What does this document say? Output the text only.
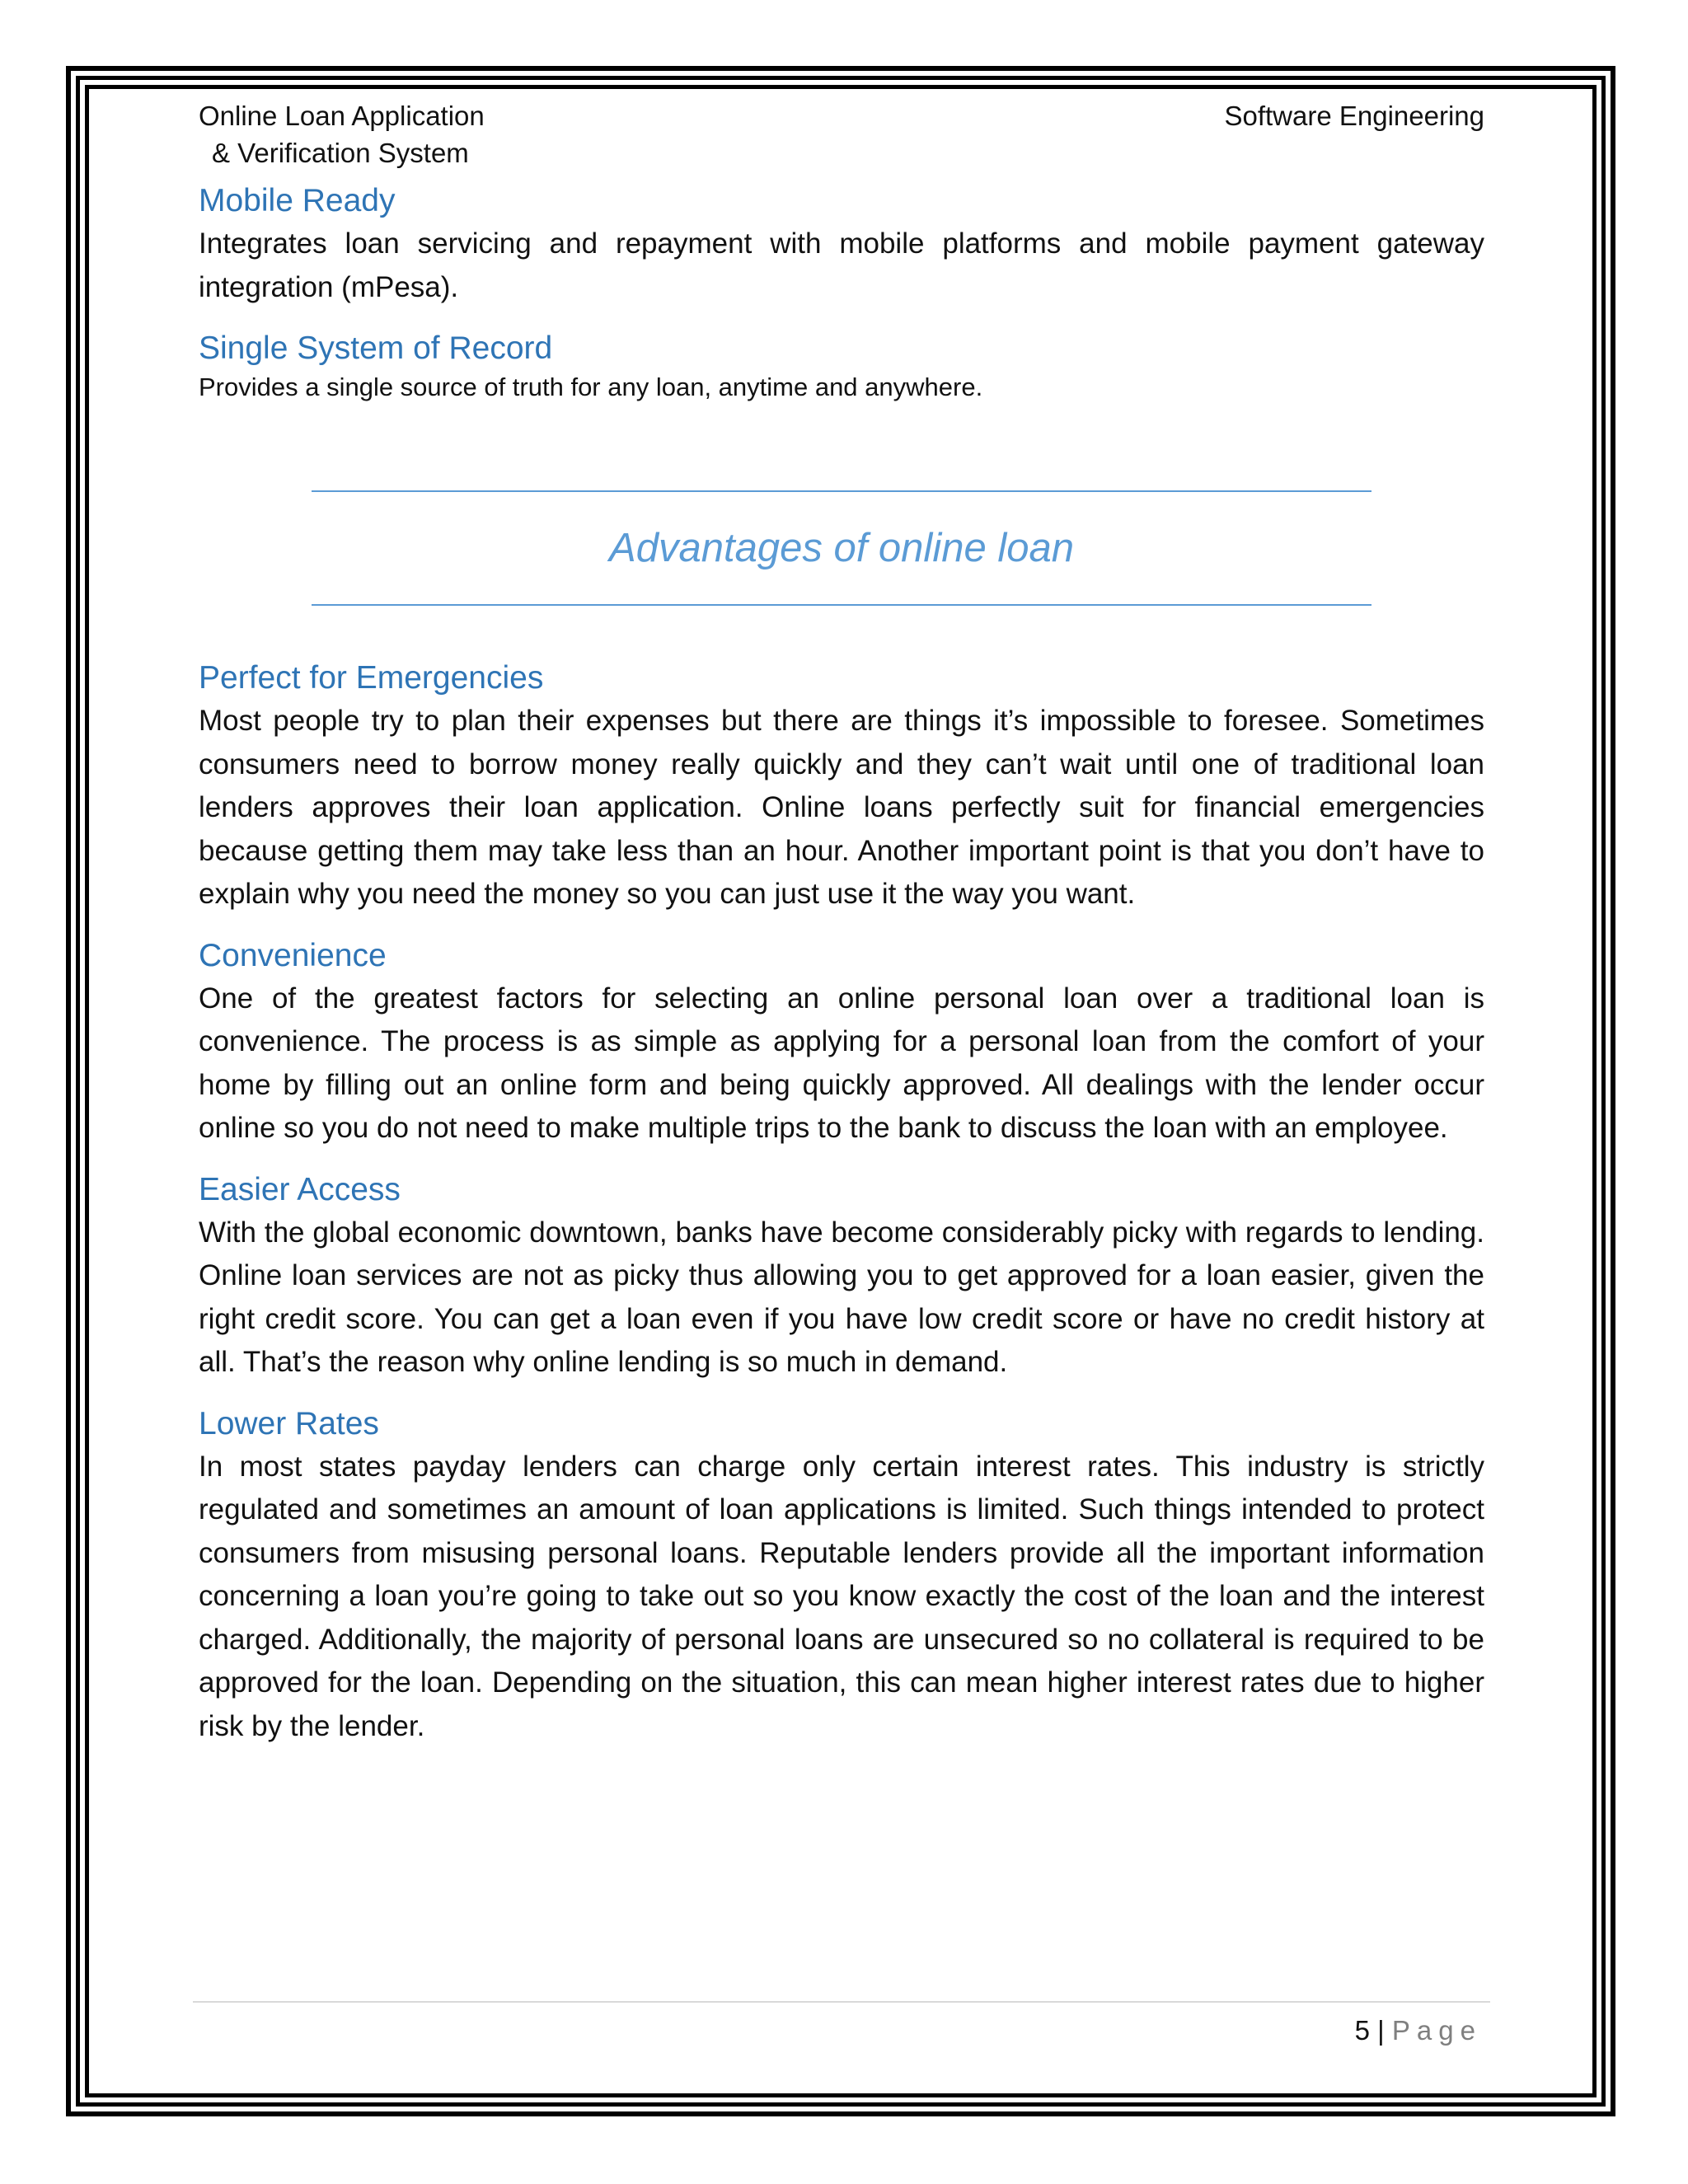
Online Loan Application
& Verification System
Software Engineering
Mobile Ready

Integrates loan servicing and repayment with mobile platforms and mobile payment gateway integration (mPesa).

Single System of Record

Provides a single source of truth for any loan, anytime and anywhere.

Advantages of online loan
Perfect for Emergencies

Most people try to plan their expenses but there are things it’s impossible to foresee. Sometimes consumers need to borrow money really quickly and they can’t wait until one of traditional loan lenders approves their loan application. Online loans perfectly suit for financial emergencies because getting them may take less than an hour. Another important point is that you don’t have to explain why you need the money so you can just use it the way you want.

Convenience

One of the greatest factors for selecting an online personal loan over a traditional loan is convenience. The process is as simple as applying for a personal loan from the comfort of your home by filling out an online form and being quickly approved. All dealings with the lender occur online so you do not need to make multiple trips to the bank to discuss the loan with an employee.

Easier Access

With the global economic downtown, banks have become considerably picky with regards to lending. Online loan services are not as picky thus allowing you to get approved for a loan easier, given the right credit score. You can get a loan even if you have low credit score or have no credit history at all. That’s the reason why online lending is so much in demand.

Lower Rates

In most states payday lenders can charge only certain interest rates. This industry is strictly regulated and sometimes an amount of loan applications is limited. Such things intended to protect consumers from misusing personal loans. Reputable lenders provide all the important information concerning a loan you’re going to take out so you know exactly the cost of the loan and the interest charged. Additionally, the majority of personal loans are unsecured so no collateral is required to be approved for the loan. Depending on the situation, this can mean higher interest rates due to higher risk by the lender.

5 | Page
